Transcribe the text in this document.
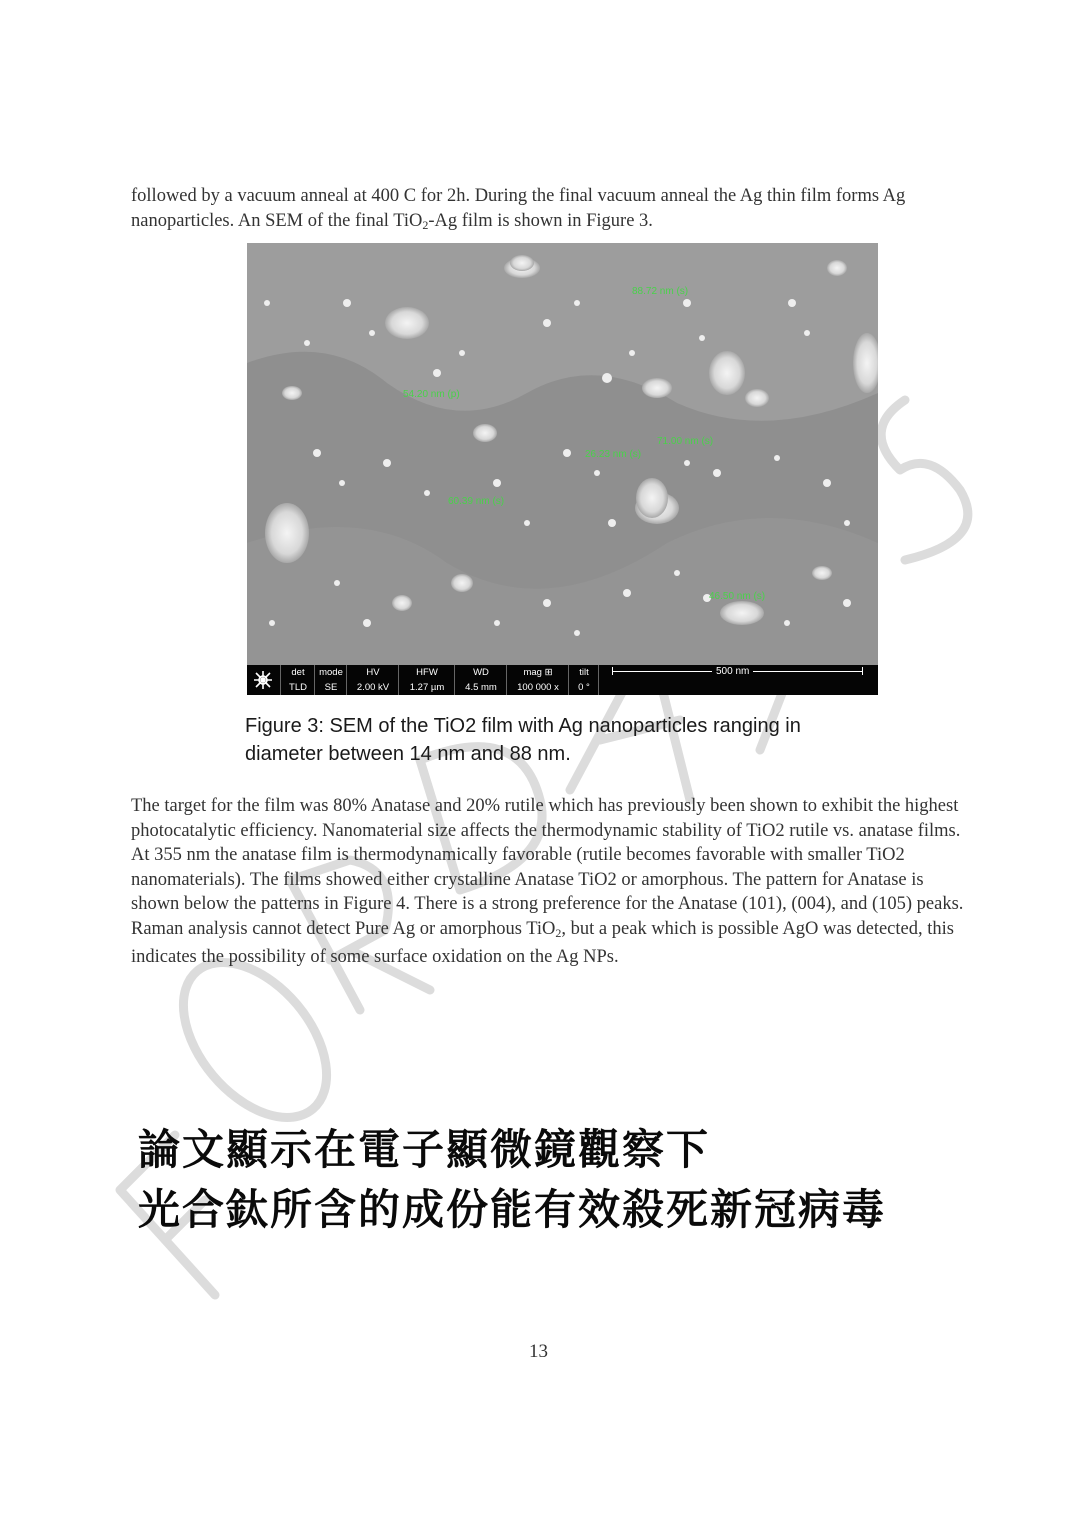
followed by a vacuum anneal at 400 C for 2h. During the final vacuum anneal the Ag thin film forms Ag nanoparticles. An SEM of the final TiO$_2$-Ag film is shown in Figure 3.
88.72 nm (s)
54.20 nm (p)
71.00 nm (s)
26.23 nm (s)
60.39 nm (s)
46.50 nm (s)
det
TLD
mode
SE
HV
2.00 kV
HFW
1.27 µm
WD
4.5 mm
mag ⊞
100 000 x
tilt
0 °
500 nm
Figure 3: SEM of the TiO2 film with Ag nanoparticles ranging in
diameter between 14 nm and 88 nm.
The target for the film was 80% Anatase and 20% rutile which has previously been shown to exhibit the highest photocatalytic efficiency. Nanomaterial size affects the thermodynamic stability of TiO2 rutile vs. anatase films. At 355 nm the anatase film is thermodynamically favorable (rutile becomes favorable with smaller TiO2 nanomaterials). The films showed either crystalline Anatase TiO2 or amorphous. The pattern for Anatase is shown below the patterns in Figure 4. There is a strong preference for the Anatase (101), (004), and (105) peaks. Raman analysis cannot detect Pure Ag or amorphous TiO$_2$, but a peak which is possible AgO was detected, this indicates the possibility of some surface oxidation on the Ag NPs.
論文顯示在電子顯微鏡觀察下
光合鈦所含的成份能有效殺死新冠病毒
13
